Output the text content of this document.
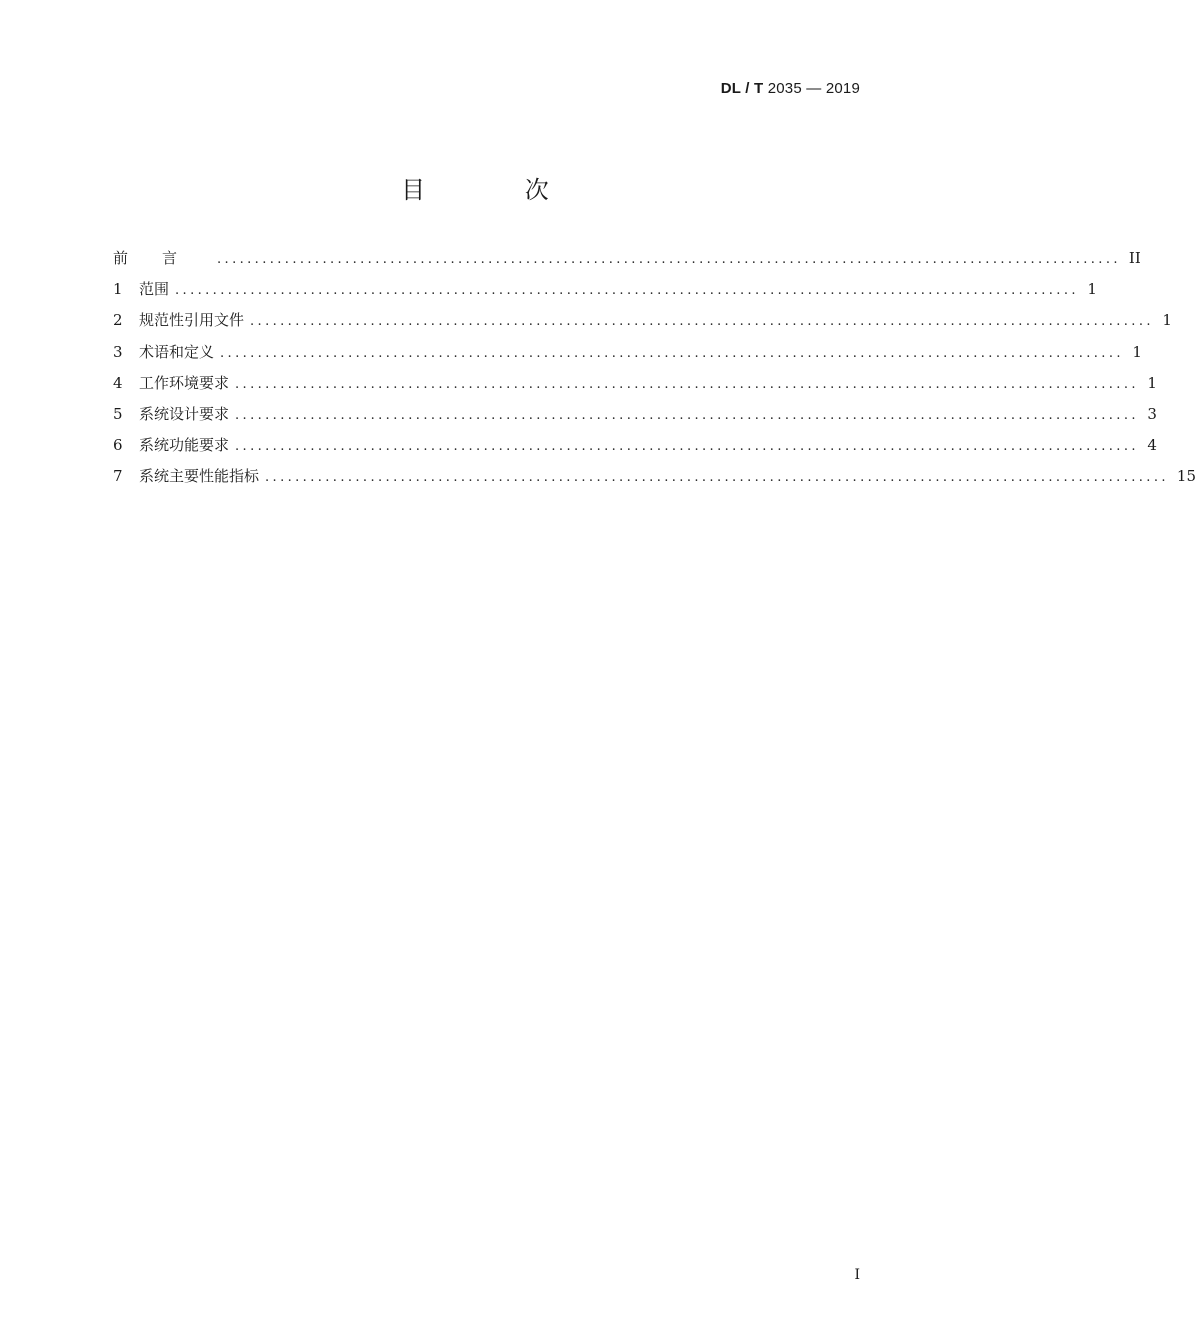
DL / T 2035 — 2019
目 次
前言 ........................................................................................................................ II
1	范围 ........................................................................................................................ 1
2	规范性引用文件 ........................................................................................................................ 1
3	术语和定义 ........................................................................................................................ 1
4	工作环境要求 ........................................................................................................................ 1
5	系统设计要求 ........................................................................................................................ 3
6	系统功能要求 ........................................................................................................................ 4
7	系统主要性能指标 ........................................................................................................................ 15
I
